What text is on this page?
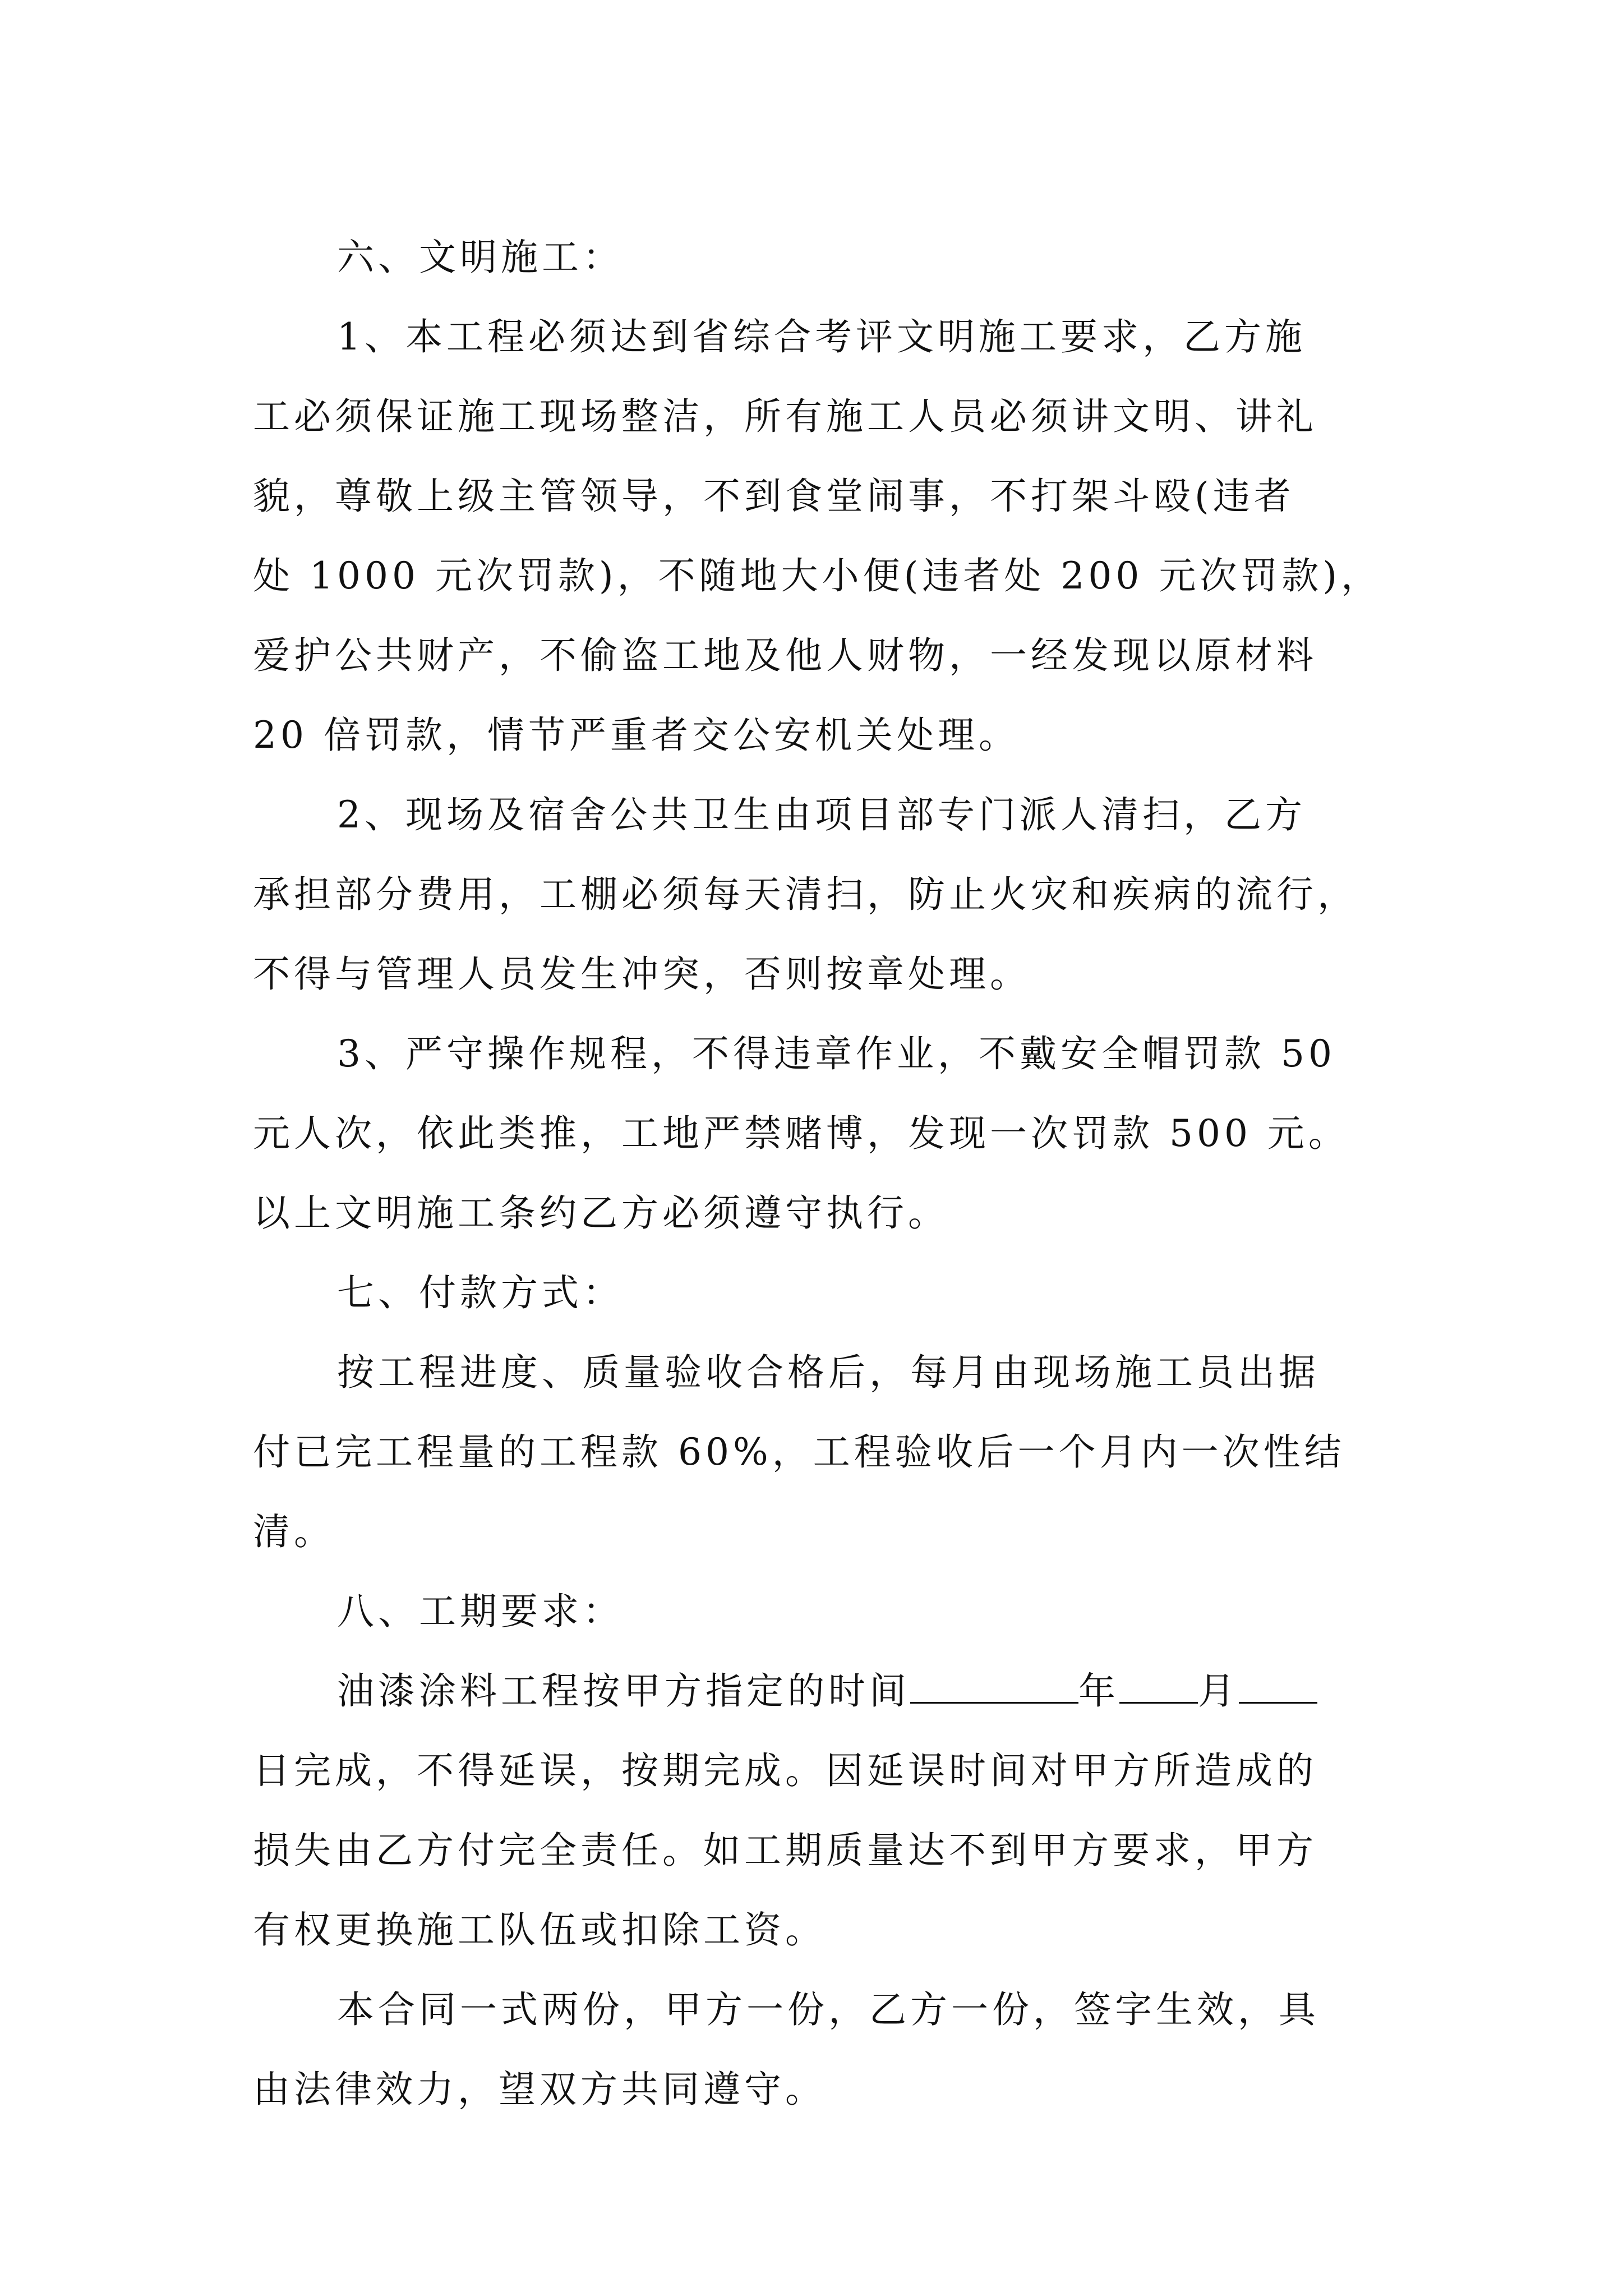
六、文明施工：
1、本工程必须达到省综合考评文明施工要求，乙方施
工必须保证施工现场整洁，所有施工人员必须讲文明、讲礼
貌，尊敬上级主管领导，不到食堂闹事，不打架斗殴(违者
处 1000 元次罚款)，不随地大小便(违者处 200 元次罚款)，
爱护公共财产，不偷盗工地及他人财物，一经发现以原材料
20 倍罚款，情节严重者交公安机关处理。
2、现场及宿舍公共卫生由项目部专门派人清扫，乙方
承担部分费用，工棚必须每天清扫，防止火灾和疾病的流行，
不得与管理人员发生冲突，否则按章处理。
3、严守操作规程，不得违章作业，不戴安全帽罚款 50
元人次，依此类推，工地严禁赌博，发现一次罚款 500 元。
以上文明施工条约乙方必须遵守执行。
七、付款方式：
按工程进度、质量验收合格后，每月由现场施工员出据
付已完工程量的工程款 60%，工程验收后一个月内一次性结
清。
八、工期要求：
油漆涂料工程按甲方指定的时间	年 月
日完成，不得延误，按期完成。因延误时间对甲方所造成的
损失由乙方付完全责任。如工期质量达不到甲方要求，甲方
有权更换施工队伍或扣除工资。
本合同一式两份，甲方一份，乙方一份，签字生效，具
由法律效力，望双方共同遵守。
